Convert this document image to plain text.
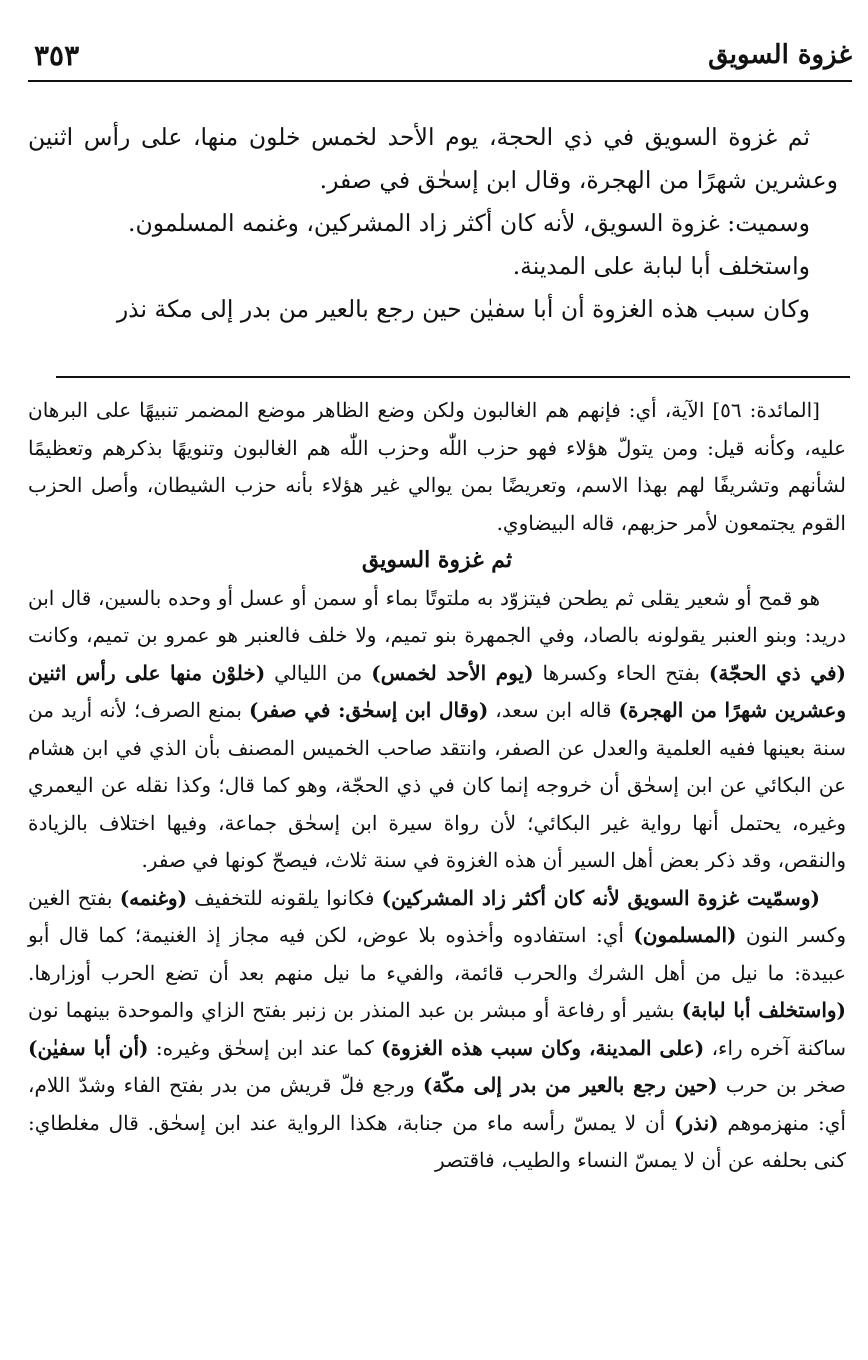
غزوة السويق
٣٥٣

ثم غزوة السويق في ذي الحجة، يوم الأحد لخمس خلون منها، على رأس اثنين وعشرين شهرًا من الهجرة، وقال ابن إسحٰق في صفر.

وسميت: غزوة السويق، لأنه كان أكثر زاد المشركين، وغنمه المسلمون.

واستخلف أبا لبابة على المدينة.

وكان سبب هذه الغزوة أن أبا سفيٰن حين رجع بالعير من بدر إلى مكة نذر

[المائدة: ٥٦] الآية، أي: فإنهم هم الغالبون ولكن وضع الظاهر موضع المضمر تنبيهًا على البرهان عليه، وكأنه قيل: ومن يتولّ هؤلاء فهو حزب اللّٰه وحزب اللّٰه هم الغالبون وتنويهًا بذكرهم وتعظيمًا لشأنهم وتشريفًا لهم بهذا الاسم، وتعريضًا بمن يوالي غير هؤلاء بأنه حزب الشيطان، وأصل الحزب القوم يجتمعون لأمر حزبهم، قاله البيضاوي.

ثم غزوة السويق

هو قمح أو شعير يقلى ثم يطحن فيتزوّد به ملتوتًا بماء أو سمن أو عسل أو وحده بالسين، قال ابن دريد: وبنو العنبر يقولونه بالصاد، وفي الجمهرة بنو تميم، ولا خلف فالعنبر هو عمرو بن تميم، وكانت (في ذي الحجّة) بفتح الحاء وكسرها (يوم الأحد لخمس) من الليالي (خلوْن منها على رأس اثنين وعشرين شهرًا من الهجرة) قاله ابن سعد، (وقال ابن إسحٰق: في صفر) بمنع الصرف؛ لأنه أريد من سنة بعينها ففيه العلمية والعدل عن الصفر، وانتقد صاحب الخميس المصنف بأن الذي في ابن هشام عن البكائي عن ابن إسحٰق أن خروجه إنما كان في ذي الحجّة، وهو كما قال؛ وكذا نقله عن اليعمري وغيره، يحتمل أنها رواية غير البكائي؛ لأن رواة سيرة ابن إسحٰق جماعة، وفيها اختلاف بالزيادة والنقص، وقد ذكر بعض أهل السير أن هذه الغزوة في سنة ثلاث، فيصحّ كونها في صفر.

(وسمّيت غزوة السويق لأنه كان أكثر زاد المشركين) فكانوا يلقونه للتخفيف (وغنمه) بفتح الغين وكسر النون (المسلمون) أي: استفادوه وأخذوه بلا عوض، لكن فيه مجاز إذ الغنيمة؛ كما قال أبو عبيدة: ما نيل من أهل الشرك والحرب قائمة، والفيء ما نيل منهم بعد أن تضع الحرب أوزارها. (واستخلف أبا لبابة) بشير أو رفاعة أو مبشر بن عبد المنذر بن زنبر بفتح الزاي والموحدة بينهما نون ساكنة آخره راء، (على المدينة، وكان سبب هذه الغزوة) كما عند ابن إسحٰق وغيره: (أن أبا سفيٰن) صخر بن حرب (حين رجع بالعير من بدر إلى مكّة) ورجع فلّ قريش من بدر بفتح الفاء وشدّ اللام، أي: منهزموهم (نذر) أن لا يمسّ رأسه ماء من جنابة، هكذا الرواية عند ابن إسحٰق. قال مغلطاي: كنى بحلفه عن أن لا يمسّ النساء والطيب، فاقتصر
